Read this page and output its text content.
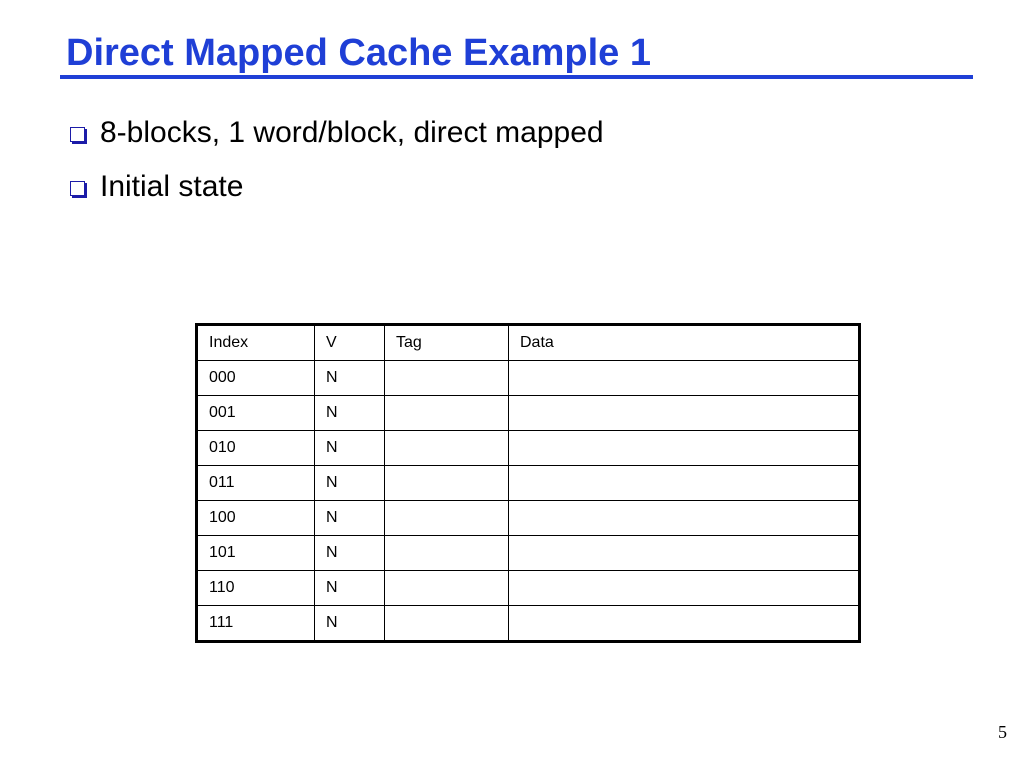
Direct Mapped Cache Example 1
8-blocks, 1 word/block, direct mapped
Initial state
Index	V	Tag	Data
000	N		
001	N		
010	N		
011	N		
100	N		
101	N		
110	N		
111	N		
5
